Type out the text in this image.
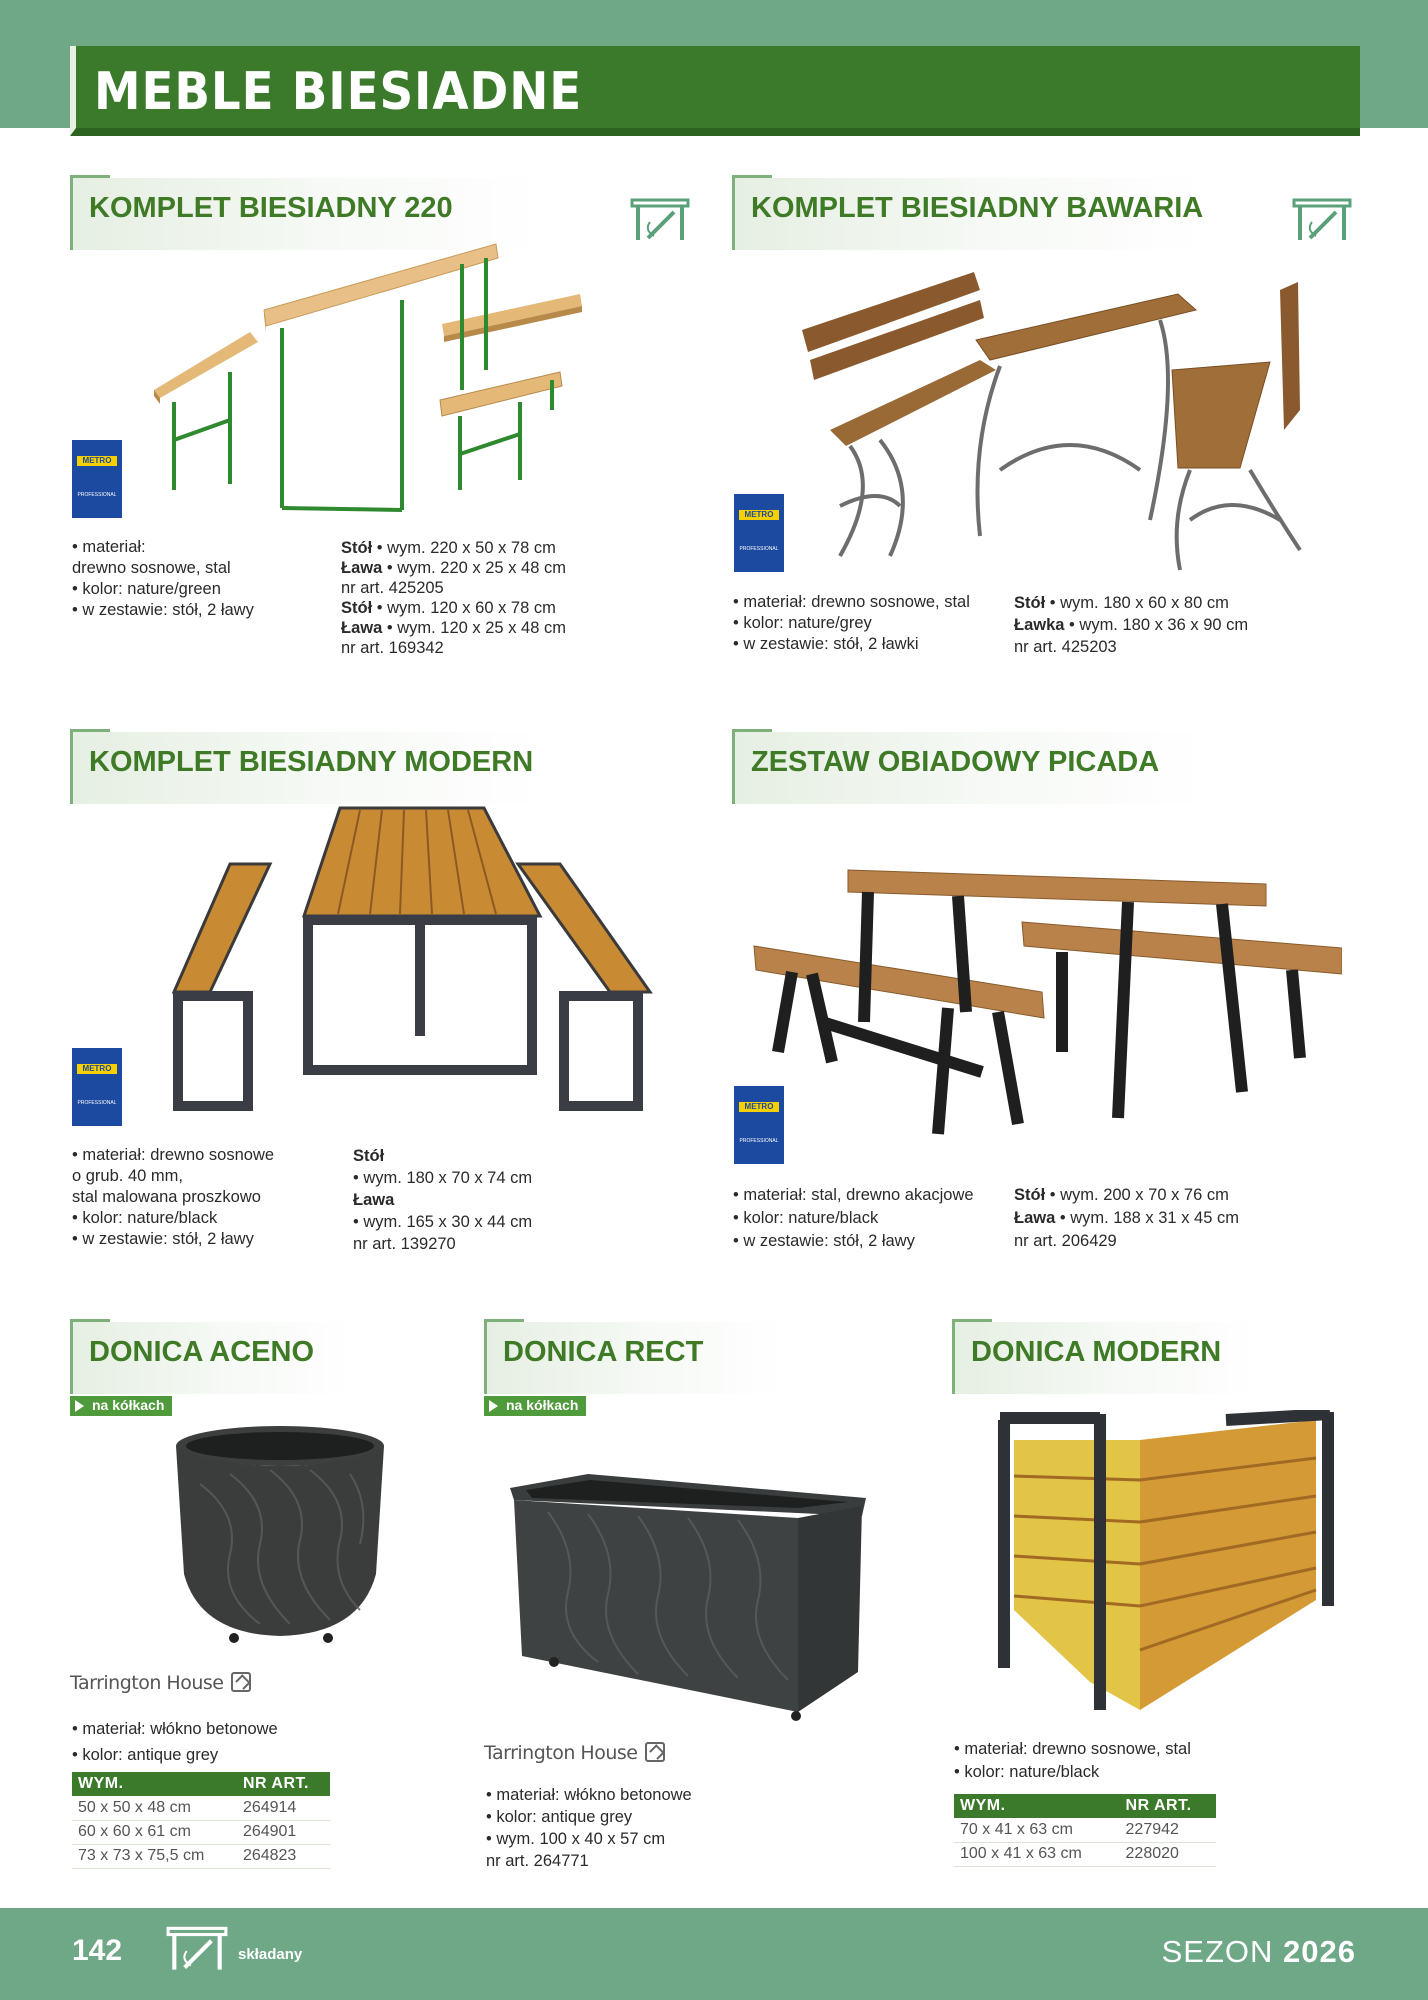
MEBLE BIESIADNE
KOMPLET BIESIADNY 220
METRO
PROFESSIONAL
• materiał:
drewno sosnowe, stal
• kolor: nature/green
• w zestawie: stół, 2 ławy
Stół • wym. 220 x 50 x 78 cm
Ława • wym. 220 x 25 x 48 cm
nr art. 425205
Stół • wym. 120 x 60 x 78 cm
Ława • wym. 120 x 25 x 48 cm
nr art. 169342
KOMPLET BIESIADNY BAWARIA
METRO
PROFESSIONAL
• materiał: drewno sosnowe, stal
• kolor: nature/grey
• w zestawie: stół, 2 ławki
Stół • wym. 180 x 60 x 80 cm
Ławka • wym. 180 x 36 x 90 cm
nr art. 425203
KOMPLET BIESIADNY MODERN
METRO
PROFESSIONAL
• materiał: drewno sosnowe
o grub. 40 mm,
stal malowana proszkowo
• kolor: nature/black
• w zestawie: stół, 2 ławy
Stół
• wym. 180 x 70 x 74 cm
Ława
• wym. 165 x 30 x 44 cm
nr art. 139270
ZESTAW OBIADOWY PICADA
METRO
PROFESSIONAL
• materiał: stal, drewno akacjowe
• kolor: nature/black
• w zestawie: stół, 2 ławy
Stół • wym. 200 x 70 x 76 cm
Ława • wym. 188 x 31 x 45 cm
nr art. 206429
DONICA ACENO
na kółkach
Tarrington House
• materiał: włókno betonowe
• kolor: antique grey
WYM.	NR ART.
50 x 50 x 48 cm	264914
60 x 60 x 61 cm	264901
73 x 73 x 75,5 cm	264823
DONICA RECT
na kółkach
Tarrington House
• materiał: włókno betonowe
• kolor: antique grey
• wym. 100 x 40 x 57 cm
nr art. 264771
DONICA MODERN
• materiał: drewno sosnowe, stal
• kolor: nature/black
WYM.	NR ART.
70 x 41 x 63 cm	227942
100 x 41 x 63 cm	228020
142	składany	SEZON 2026
